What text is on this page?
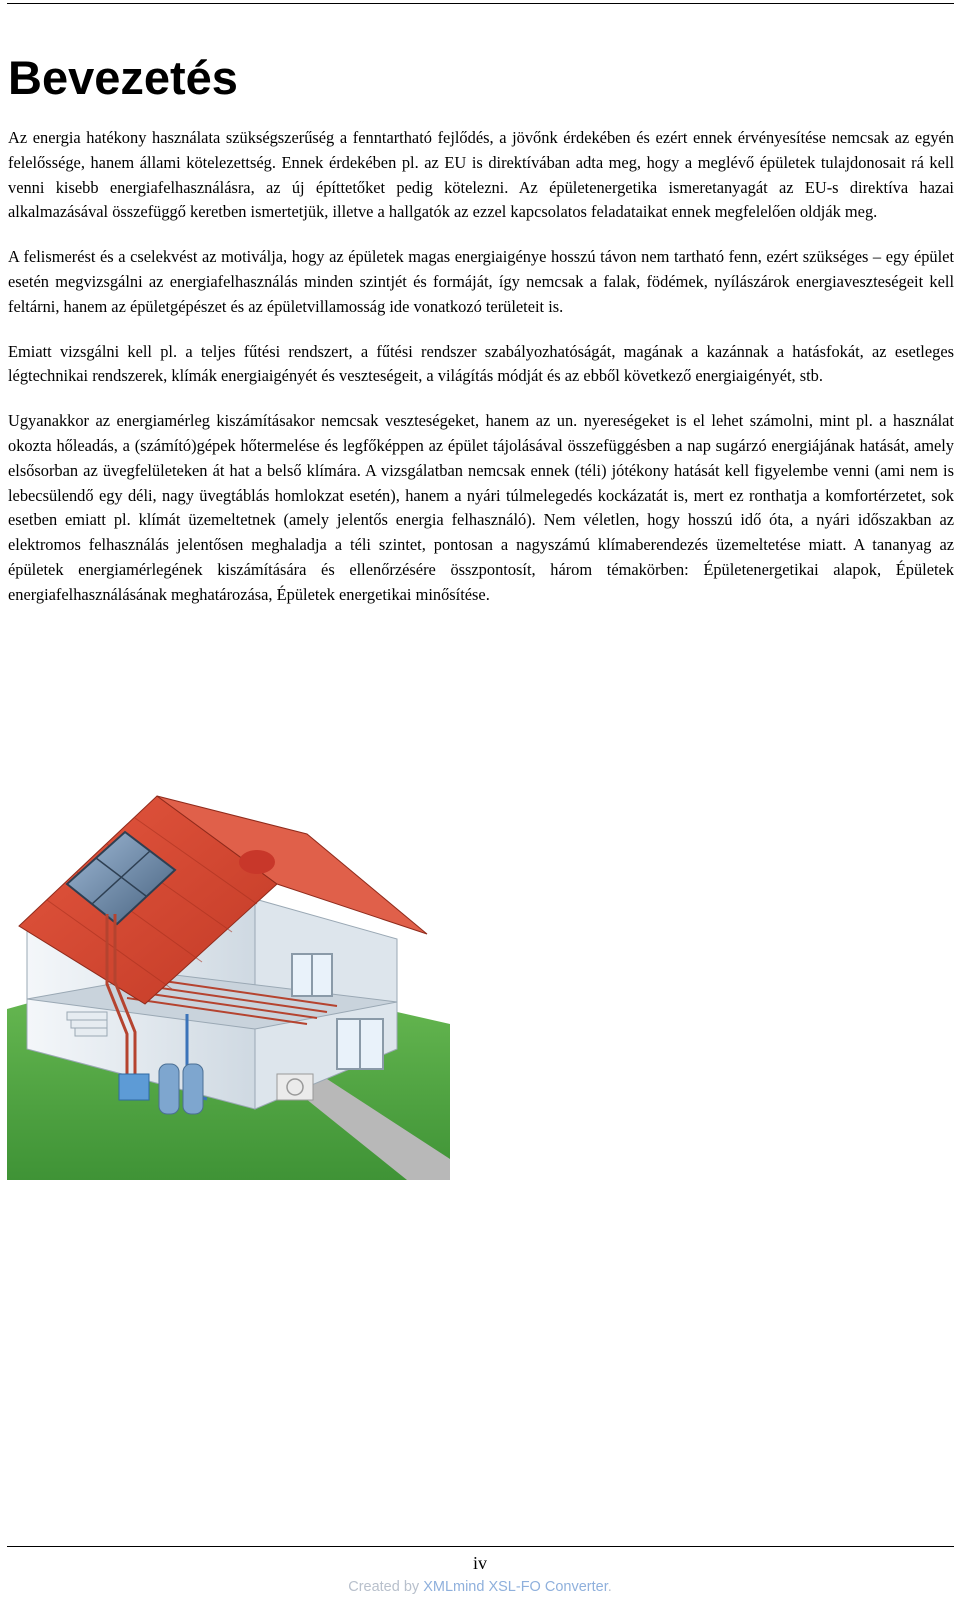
Bevezetés

Az energia hatékony használata szükségszerűség a fenntartható fejlődés, a jövőnk érdekében és ezért ennek érvényesítése nemcsak az egyén felelőssége, hanem állami kötelezettség. Ennek érdekében pl. az EU is direktívában adta meg, hogy a meglévő épületek tulajdonosait rá kell venni kisebb energiafelhasználásra, az új építtetőket pedig kötelezni. Az épületenergetika ismeretanyagát az EU-s direktíva hazai alkalmazásával összefüggő keretben ismertetjük, illetve a hallgatók az ezzel kapcsolatos feladataikat ennek megfelelően oldják meg.

A felismerést és a cselekvést az motiválja, hogy az épületek magas energiaigénye hosszú távon nem tartható fenn, ezért szükséges – egy épület esetén megvizsgálni az energiafelhasználás minden szintjét és formáját, így nemcsak a falak, födémek, nyílászárok energiaveszteségeit kell feltárni, hanem az épületgépészet és az épületvillamosság ide vonatkozó területeit is.

Emiatt vizsgálni kell pl. a teljes fűtési rendszert, a fűtési rendszer szabályozhatóságát, magának a kazánnak a hatásfokát, az esetleges légtechnikai rendszerek, klímák energiaigényét és veszteségeit, a világítás módját és az ebből következő energiaigényét, stb.

Ugyanakkor az energiamérleg kiszámításakor nemcsak veszteségeket, hanem az un. nyereségeket is el lehet számolni, mint pl. a használat okozta hőleadás, a (számító)gépek hőtermelése és legfőképpen az épület tájolásával összefüggésben a nap sugárzó energiájának hatását, amely elsősorban az üvegfelületeken át hat a belső klímára. A vizsgálatban nemcsak ennek (téli) jótékony hatását kell figyelembe venni (ami nem is lebecsülendő egy déli, nagy üvegtáblás homlokzat esetén), hanem a nyári túlmelegedés kockázatát is, mert ez ronthatja a komfortérzetet, sok esetben emiatt pl. klímát üzemeltetnek (amely jelentős energia felhasználó). Nem véletlen, hogy hosszú idő óta, a nyári időszakban az elektromos felhasználás jelentősen meghaladja a téli szintet, pontosan a nagyszámú klímaberendezés üzemeltetése miatt. A tananyag az épületek energiamérlegének kiszámítására és ellenőrzésére összpontosít, három témakörben: Épületenergetikai alapok, Épületek energiafelhasználásának meghatározása, Épületek energetikai minősítése.

iv
Created by XMLmind XSL-FO Converter.
